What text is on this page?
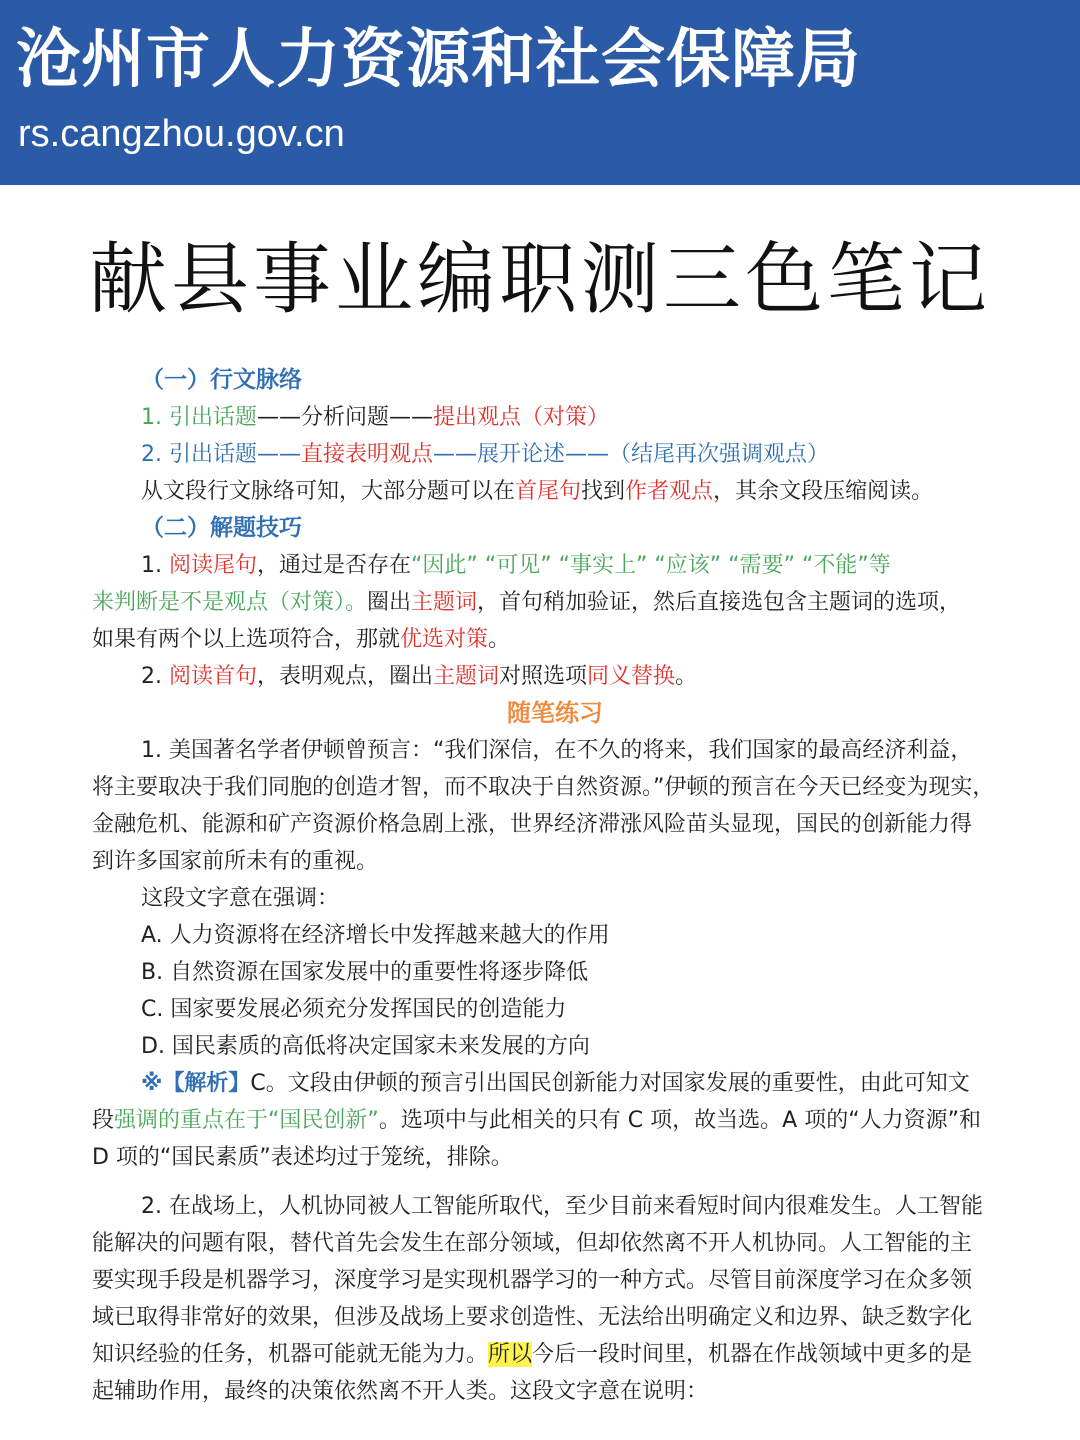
沧州市人力资源和社会保障局
rs.cangzhou.gov.cn
献县事业编职测三色笔记
（一）行文脉络
1. 引出话题——分析问题——提出观点（对策）
2. 引出话题——直接表明观点——展开论述——（结尾再次强调观点）
从文段行文脉络可知，大部分题可以在首尾句找到作者观点，其余文段压缩阅读。
（二）解题技巧
1. 阅读尾句，通过是否存在“因此” “可见” “事实上” “应该” “需要” “不能”等
来判断是不是观点（对策）。圈出主题词，首句稍加验证，然后直接选包含主题词的选项，
如果有两个以上选项符合，那就优选对策。
2. 阅读首句，表明观点，圈出主题词对照选项同义替换。
随笔练习
1. 美国著名学者伊顿曾预言：“我们深信，在不久的将来，我们国家的最高经济利益，
将主要取决于我们同胞的创造才智，而不取决于自然资源。”伊顿的预言在今天已经变为现实，
金融危机、能源和矿产资源价格急剧上涨，世界经济滞涨风险苗头显现，国民的创新能力得
到许多国家前所未有的重视。
这段文字意在强调：
A. 人力资源将在经济增长中发挥越来越大的作用
B. 自然资源在国家发展中的重要性将逐步降低
C. 国家要发展必须充分发挥国民的创造能力
D. 国民素质的高低将决定国家未来发展的方向
※【解析】C。文段由伊顿的预言引出国民创新能力对国家发展的重要性，由此可知文
段强调的重点在于“国民创新”。选项中与此相关的只有 C 项，故当选。A 项的“人力资源”和
D 项的“国民素质”表述均过于笼统，排除。
2. 在战场上，人机协同被人工智能所取代，至少目前来看短时间内很难发生。人工智能
能解决的问题有限，替代首先会发生在部分领域，但却依然离不开人机协同。人工智能的主
要实现手段是机器学习，深度学习是实现机器学习的一种方式。尽管目前深度学习在众多领
域已取得非常好的效果，但涉及战场上要求创造性、无法给出明确定义和边界、缺乏数字化
知识经验的任务，机器可能就无能为力。所以今后一段时间里，机器在作战领域中更多的是
起辅助作用，最终的决策依然离不开人类。这段文字意在说明：
